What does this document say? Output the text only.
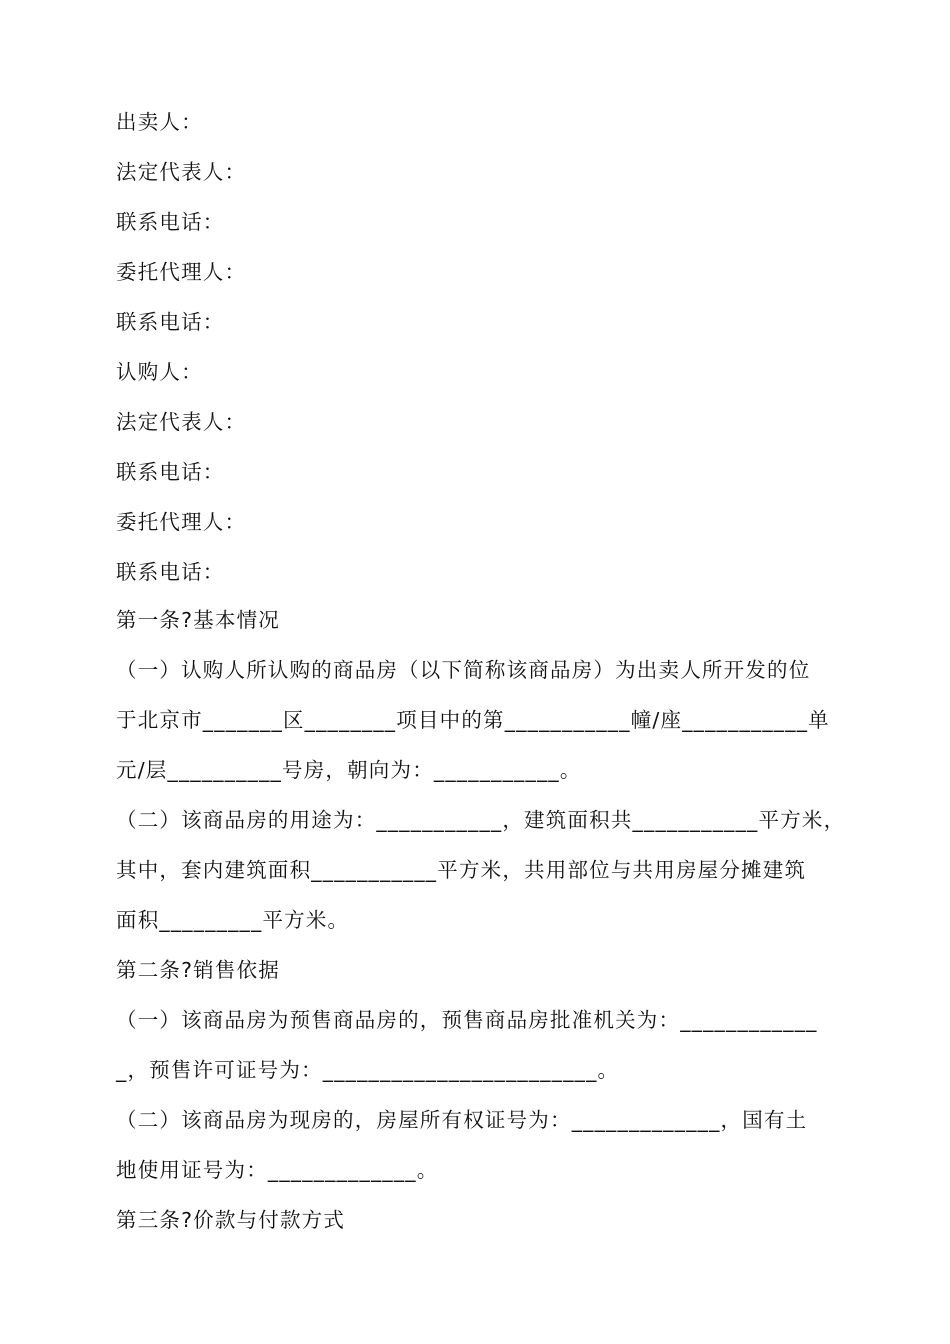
出卖人：
法定代表人：
联系电话：
委托代理人：
联系电话：
认购人：
法定代表人：
联系电话：
委托代理人：
联系电话：
第一条?基本情况
（一）认购人所认购的商品房（以下简称该商品房）为出卖人所开发的位
于北京市_______区________项目中的第___________幢/座___________单
元/层__________号房，朝向为：___________。
（二）该商品房的用途为：___________，建筑面积共___________平方米，
其中，套内建筑面积___________平方米，共用部位与共用房屋分摊建筑
面积_________平方米。
第二条?销售依据
（一）该商品房为预售商品房的，预售商品房批准机关为：____________
_，预售许可证号为：________________________。
（二）该商品房为现房的，房屋所有权证号为：_____________，国有土
地使用证号为：_____________。
第三条?价款与付款方式
